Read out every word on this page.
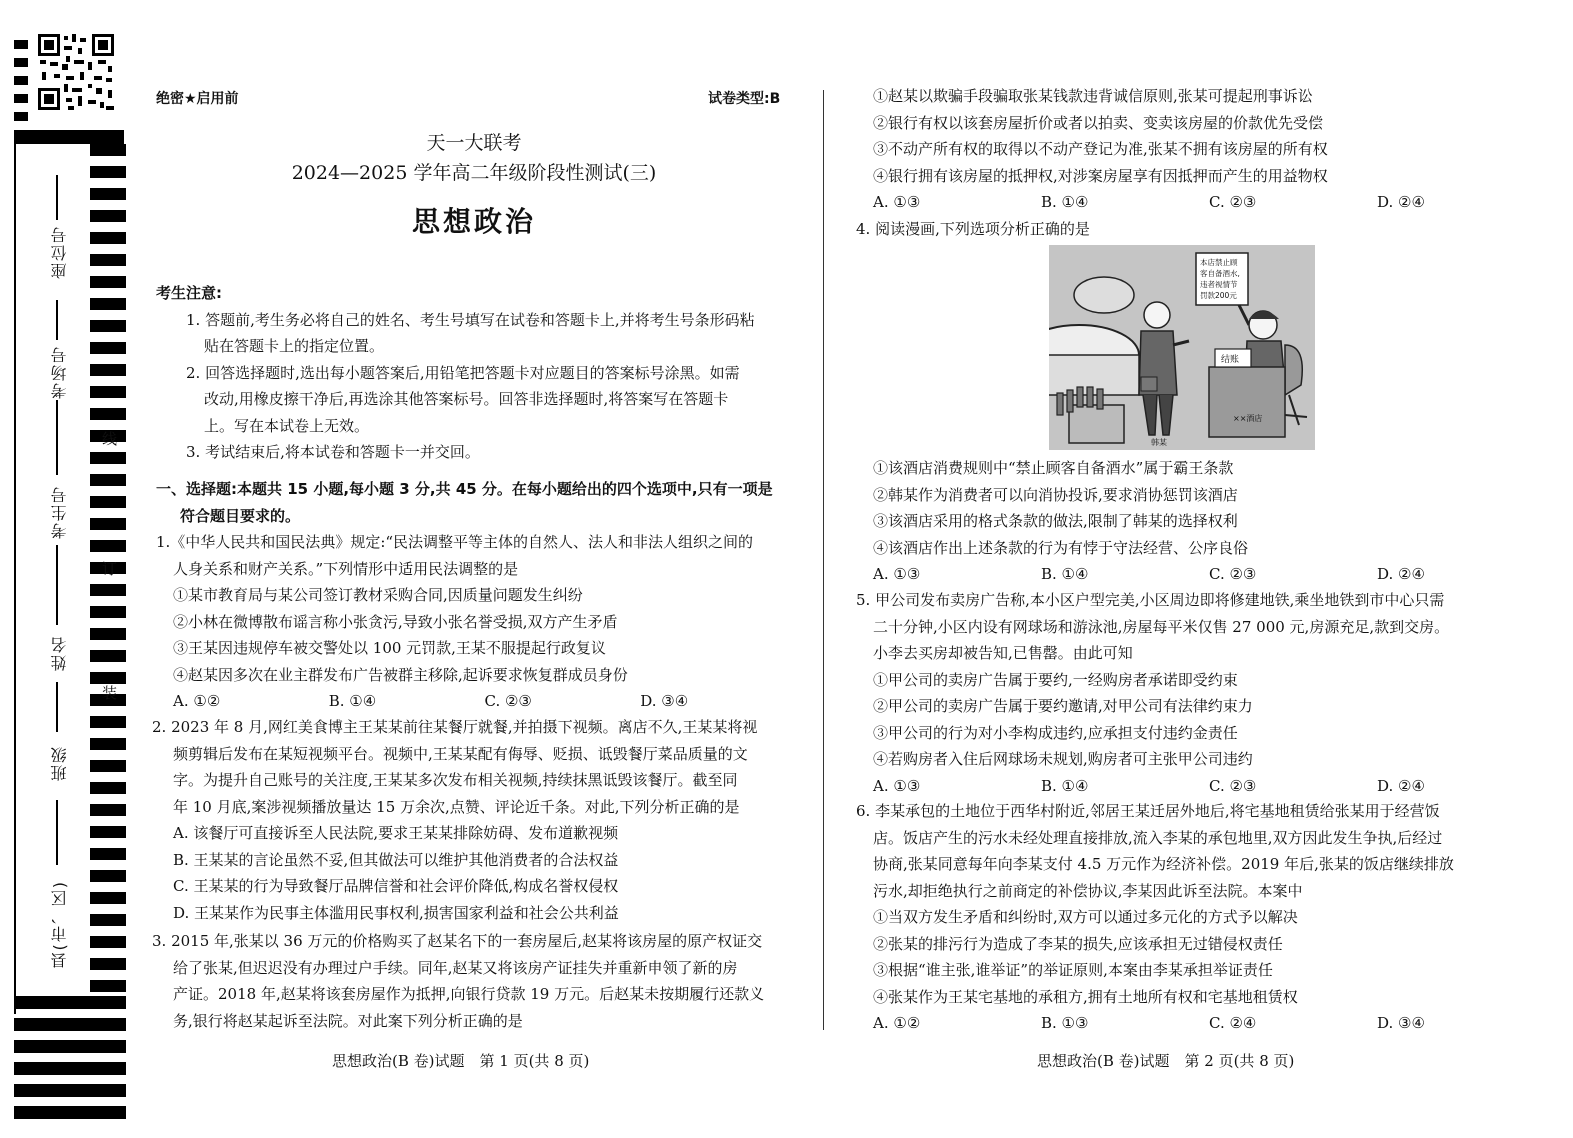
座位号
考场号
考生号
姓名
班级
县(市、区)
线
订
装
绝密★启用前	试卷类型:B
天一大联考
2024—2025 学年高二年级阶段性测试(三)
思想政治
考生注意:
1. 答题前,考生务必将自己的姓名、考生号填写在试卷和答题卡上,并将考生号条形码粘
贴在答题卡上的指定位置。
2. 回答选择题时,选出每小题答案后,用铅笔把答题卡对应题目的答案标号涂黑。如需
改动,用橡皮擦干净后,再选涂其他答案标号。回答非选择题时,将答案写在答题卡
上。写在本试卷上无效。
3. 考试结束后,将本试卷和答题卡一并交回。
一、选择题:本题共 15 小题,每小题 3 分,共 45 分。在每小题给出的四个选项中,只有一项是
符合题目要求的。
1.《中华人民共和国民法典》规定:“民法调整平等主体的自然人、法人和非法人组织之间的
人身关系和财产关系。”下列情形中适用民法调整的是
①某市教育局与某公司签订教材采购合同,因质量问题发生纠纷
②小林在微博散布谣言称小张贪污,导致小张名誉受损,双方产生矛盾
③王某因违规停车被交警处以 100 元罚款,王某不服提起行政复议
④赵某因多次在业主群发布广告被群主移除,起诉要求恢复群成员身份
A. ①②	B. ①④	C. ②③	D. ③④
2. 2023 年 8 月,网红美食博主王某某前往某餐厅就餐,并拍摄下视频。离店不久,王某某将视
频剪辑后发布在某短视频平台。视频中,王某某配有侮辱、贬损、诋毁餐厅菜品质量的文
字。为提升自己账号的关注度,王某某多次发布相关视频,持续抹黑诋毁该餐厅。截至同
年 10 月底,案涉视频播放量达 15 万余次,点赞、评论近千条。对此,下列分析正确的是
A. 该餐厅可直接诉至人民法院,要求王某某排除妨碍、发布道歉视频
B. 王某某的言论虽然不妥,但其做法可以维护其他消费者的合法权益
C. 王某某的行为导致餐厅品牌信誉和社会评价降低,构成名誉权侵权
D. 王某某作为民事主体滥用民事权利,损害国家利益和社会公共利益
3. 2015 年,张某以 36 万元的价格购买了赵某名下的一套房屋后,赵某将该房屋的原产权证交
给了张某,但迟迟没有办理过户手续。同年,赵某又将该房产证挂失并重新申领了新的房
产证。2018 年,赵某将该套房屋作为抵押,向银行贷款 19 万元。后赵某未按期履行还款义
务,银行将赵某起诉至法院。对此案下列分析正确的是
思想政治(B 卷)试题　第 1 页(共 8 页)
①赵某以欺骗手段骗取张某钱款违背诚信原则,张某可提起刑事诉讼
②银行有权以该套房屋折价或者以拍卖、变卖该房屋的价款优先受偿
③不动产所有权的取得以不动产登记为准,张某不拥有该房屋的所有权
④银行拥有该房屋的抵押权,对涉案房屋享有因抵押而产生的用益物权
A. ①③	B. ①④	C. ②③	D. ②④
4. 阅读漫画,下列选项分析正确的是
本店禁止顾
客自备酒水,
违者视情节
罚款200元
结账
××酒店
韩某
①该酒店消费规则中“禁止顾客自备酒水”属于霸王条款
②韩某作为消费者可以向消协投诉,要求消协惩罚该酒店
③该酒店采用的格式条款的做法,限制了韩某的选择权利
④该酒店作出上述条款的行为有悖于守法经营、公序良俗
A. ①③	B. ①④	C. ②③	D. ②④
5. 甲公司发布卖房广告称,本小区户型完美,小区周边即将修建地铁,乘坐地铁到市中心只需
二十分钟,小区内设有网球场和游泳池,房屋每平米仅售 27 000 元,房源充足,款到交房。
小李去买房却被告知,已售罄。由此可知
①甲公司的卖房广告属于要约,一经购房者承诺即受约束
②甲公司的卖房广告属于要约邀请,对甲公司有法律约束力
③甲公司的行为对小李构成违约,应承担支付违约金责任
④若购房者入住后网球场未规划,购房者可主张甲公司违约
A. ①③	B. ①④	C. ②③	D. ②④
6. 李某承包的土地位于西华村附近,邻居王某迁居外地后,将宅基地租赁给张某用于经营饭
店。饭店产生的污水未经处理直接排放,流入李某的承包地里,双方因此发生争执,后经过
协商,张某同意每年向李某支付 4.5 万元作为经济补偿。2019 年后,张某的饭店继续排放
污水,却拒绝执行之前商定的补偿协议,李某因此诉至法院。本案中
①当双方发生矛盾和纠纷时,双方可以通过多元化的方式予以解决
②张某的排污行为造成了李某的损失,应该承担无过错侵权责任
③根据“谁主张,谁举证”的举证原则,本案由李某承担举证责任
④张某作为王某宅基地的承租方,拥有土地所有权和宅基地租赁权
A. ①②	B. ①③	C. ②④	D. ③④
思想政治(B 卷)试题　第 2 页(共 8 页)
